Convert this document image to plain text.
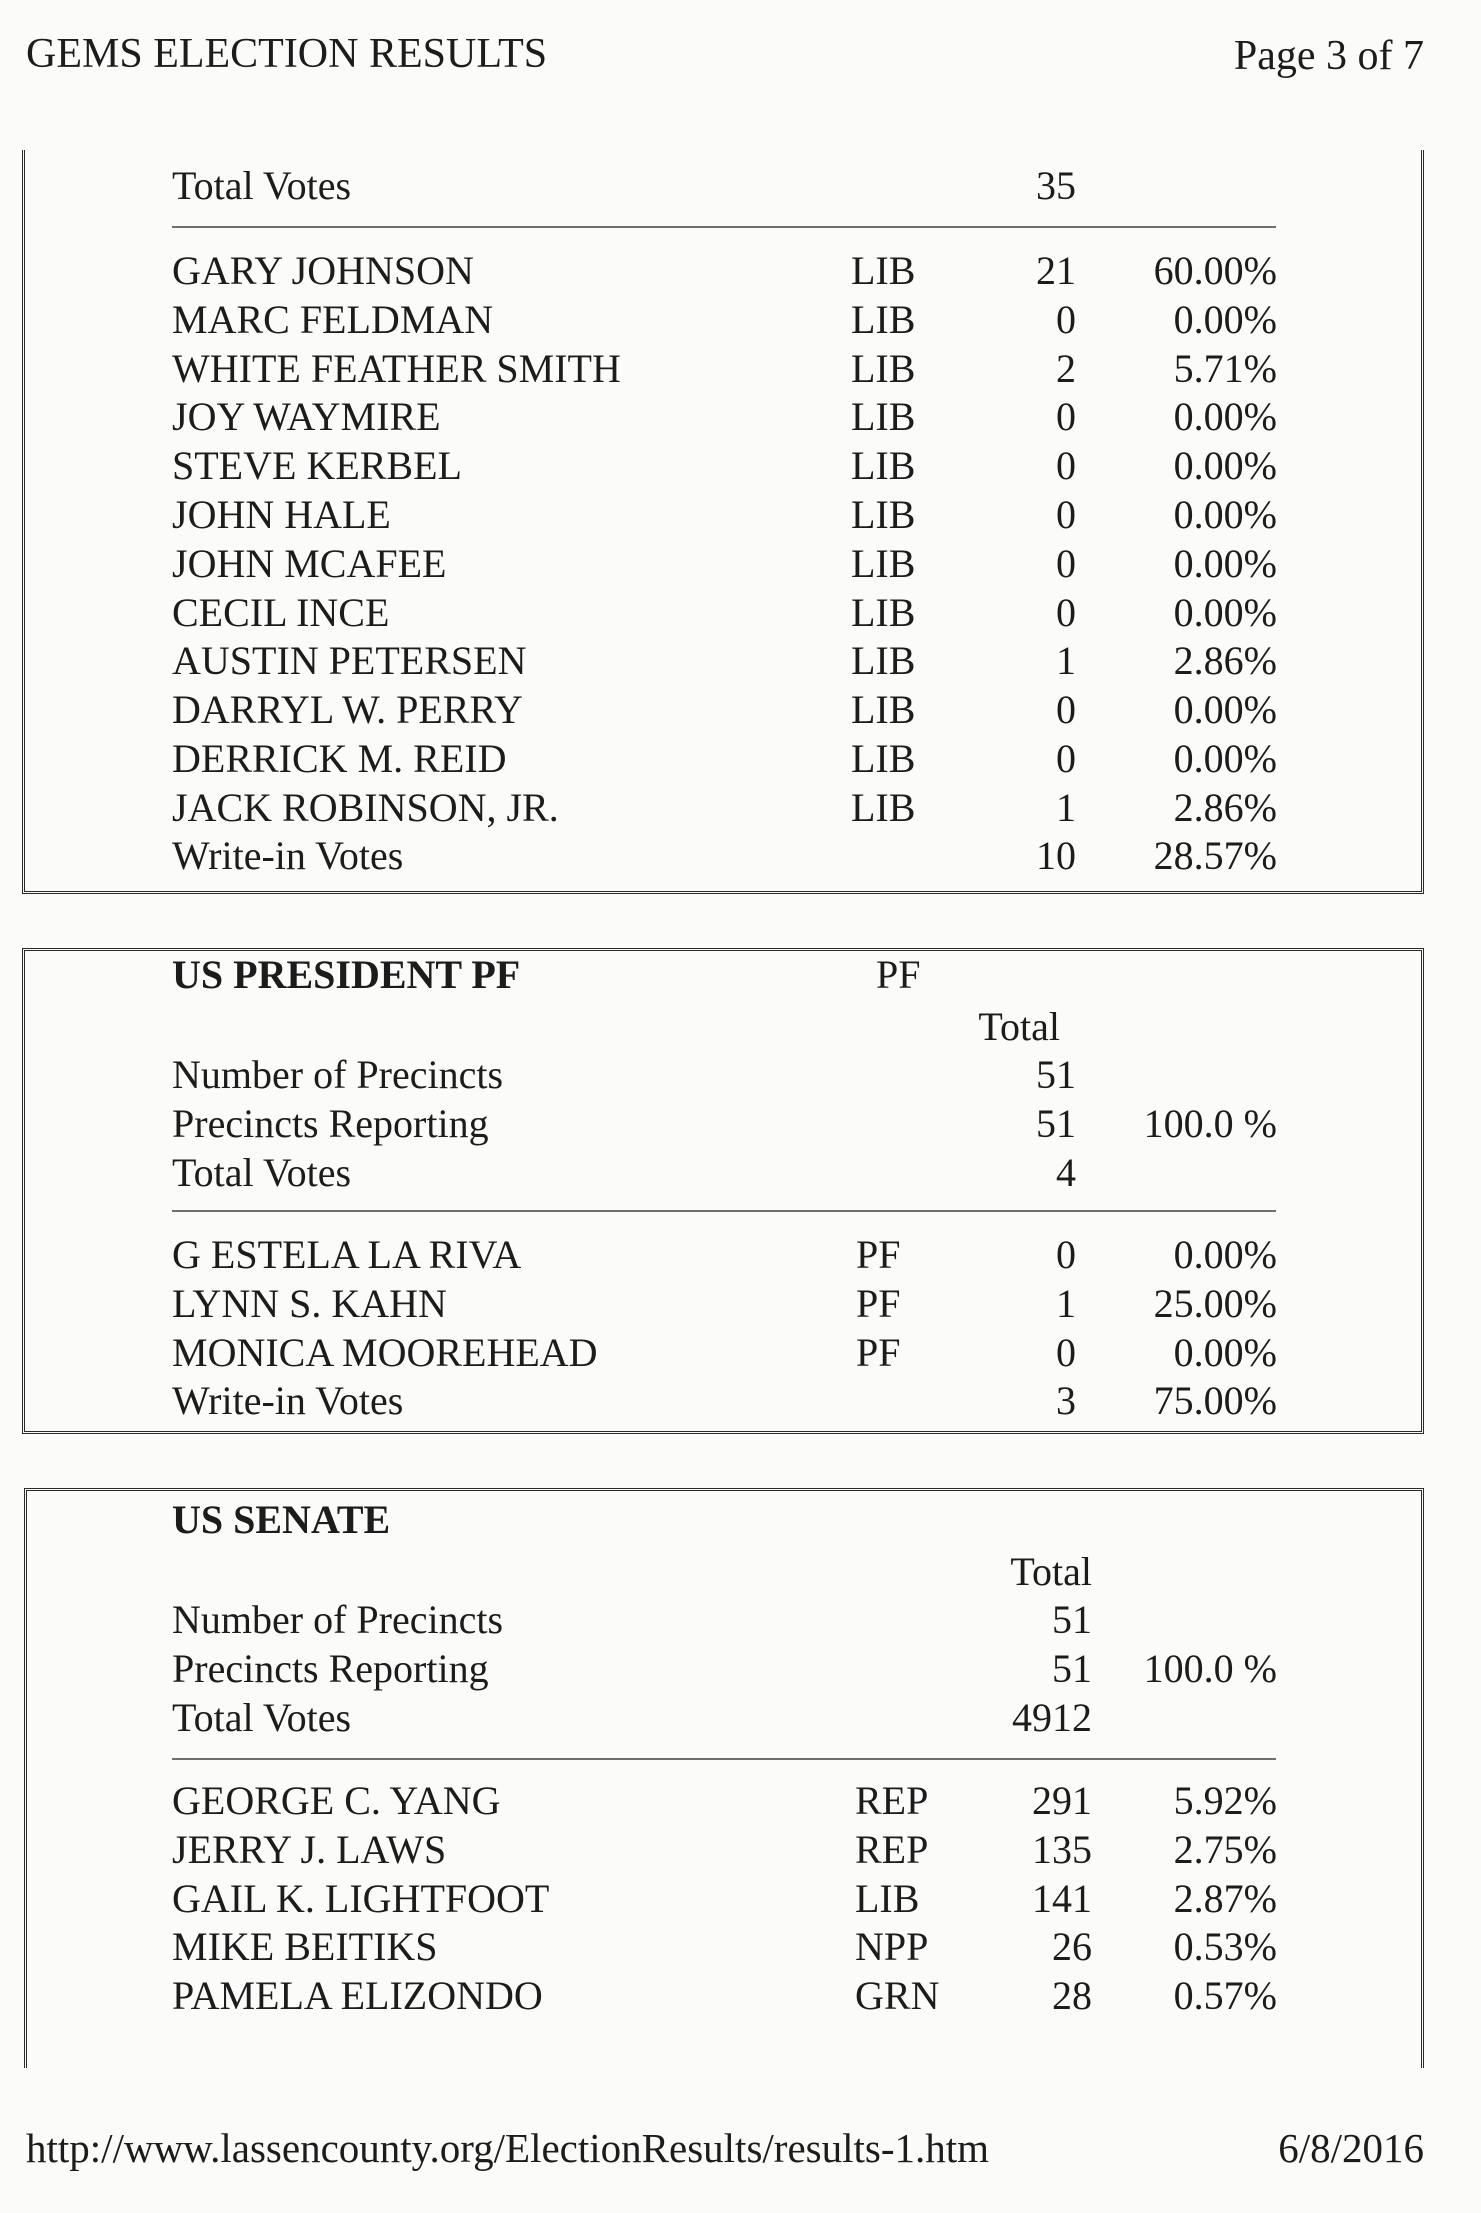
GEMS ELECTION RESULTS	Page 3 of 7
Total Votes	35
GARY JOHNSON	LIB	21 60.00%
MARC FELDMAN	LIB	0 0.00%
WHITE FEATHER SMITH	LIB	2 5.71%
JOY WAYMIRE	LIB	0 0.00%
STEVE KERBEL	LIB	0 0.00%
JOHN HALE	LIB	0 0.00%
JOHN MCAFEE	LIB	0 0.00%
CECIL INCE	LIB	0 0.00%
AUSTIN PETERSEN	LIB	1 2.86%
DARRYL W. PERRY	LIB	0 0.00%
DERRICK M. REID	LIB	0 0.00%
JACK ROBINSON, JR.	LIB	1 2.86%
Write-in Votes	10 28.57%
US PRESIDENT PF	PF
Total
Number of Precincts	51
Precincts Reporting	51 100.0 %
Total Votes	4
G ESTELA LA RIVA	PF	0 0.00%
LYNN S. KAHN	PF	1 25.00%
MONICA MOOREHEAD	PF	0 0.00%
Write-in Votes	3 75.00%
US SENATE
Total
Number of Precincts	51
Precincts Reporting	51 100.0 %
Total Votes	4912
GEORGE C. YANG	REP	291 5.92%
JERRY J. LAWS	REP	135 2.75%
GAIL K. LIGHTFOOT	LIB	141 2.87%
MIKE BEITIKS	NPP	26 0.53%
PAMELA ELIZONDO	GRN	28 0.57%
http://www.lassencounty.org/ElectionResults/results-1.htm	6/8/2016
